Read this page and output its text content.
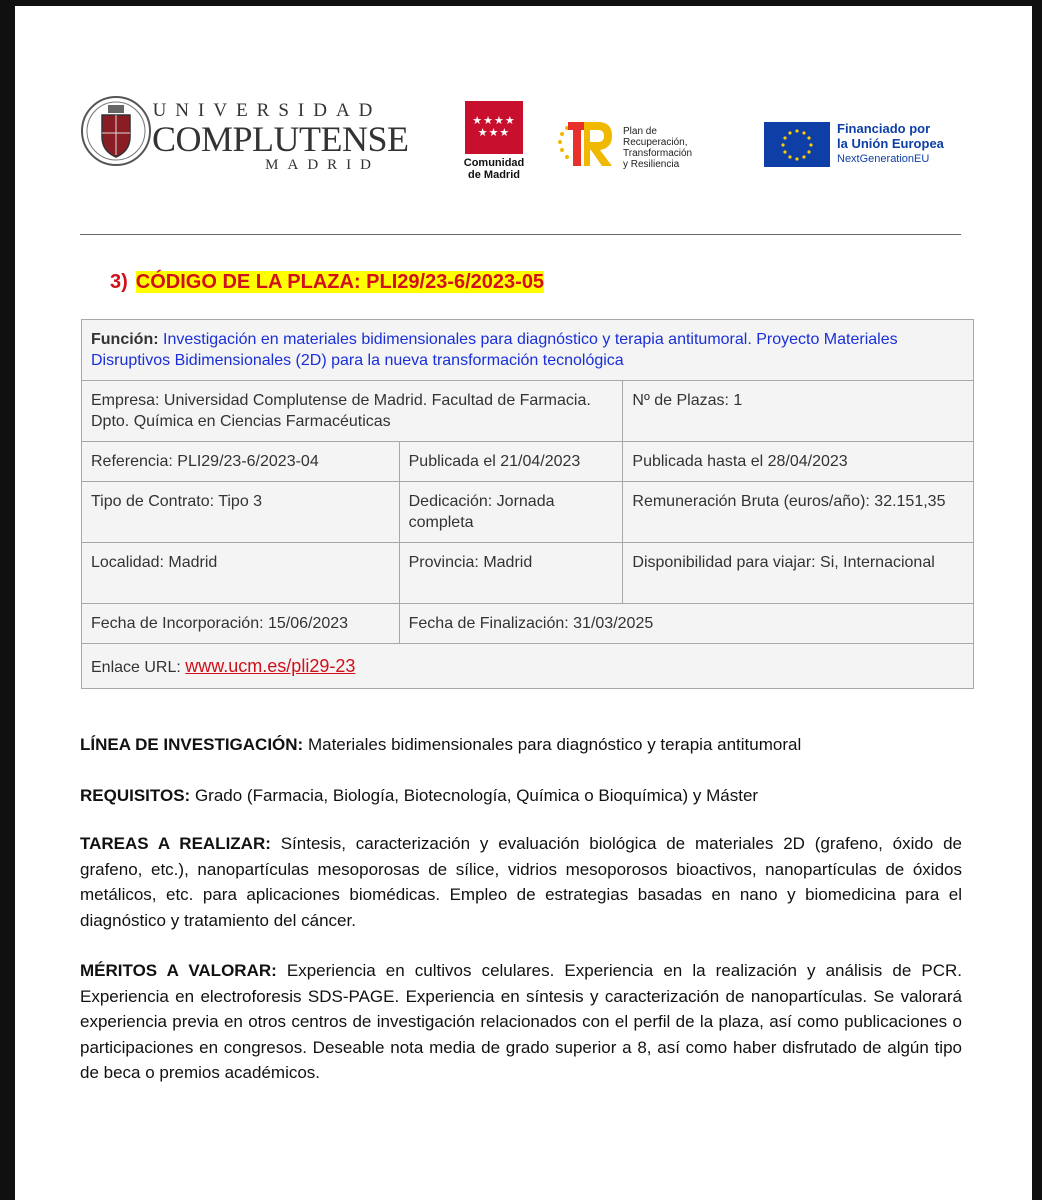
UNIVERSIDAD
COMPLUTENSE
MADRID
★★★★
★★★
Comunidad
de Madrid
Plan de
Recuperación,
Transformación
y Resiliencia
Financiado por
la Unión Europea
NextGenerationEU
3) CÓDIGO DE LA PLAZA: PLI29/23-6/2023-05
Función: Investigación en materiales bidimensionales para diagnóstico y terapia antitumoral. Proyecto Materiales Disruptivos Bidimensionales (2D) para la nueva transformación tecnológica		
Empresa: Universidad Complutense de Madrid. Facultad de Farmacia. Dpto. Química en Ciencias Farmacéuticas		Nº de Plazas: 1
Referencia: PLI29/23-6/2023-04	Publicada el 21/04/2023	Publicada hasta el 28/04/2023
Tipo de Contrato: Tipo 3	Dedicación: Jornada completa	Remuneración Bruta (euros/año): 32.151,35
Localidad: Madrid	Provincia: Madrid	Disponibilidad para viajar: Si, Internacional
Fecha de Incorporación: 15/06/2023	Fecha de Finalización: 31/03/2025	
Enlace URL: www.ucm.es/pli29-23		
LÍNEA DE INVESTIGACIÓN: Materiales bidimensionales para diagnóstico y terapia antitumoral
REQUISITOS: Grado (Farmacia, Biología, Biotecnología, Química o Bioquímica) y Máster
TAREAS A REALIZAR: Síntesis, caracterización y evaluación biológica de materiales 2D (grafeno, óxido de grafeno, etc.), nanopartículas mesoporosas de sílice, vidrios mesoporosos bioactivos, nanopartículas de óxidos metálicos, etc. para aplicaciones biomédicas. Empleo de estrategias basadas en nano y biomedicina para el diagnóstico y tratamiento del cáncer.
MÉRITOS A VALORAR: Experiencia en cultivos celulares. Experiencia en la realización y análisis de PCR. Experiencia en electroforesis SDS-PAGE. Experiencia en síntesis y caracterización de nanopartículas. Se valorará experiencia previa en otros centros de investigación relacionados con el perfil de la plaza, así como publicaciones o participaciones en congresos. Deseable nota media de grado superior a 8, así como haber disfrutado de algún tipo de beca o premios académicos.
